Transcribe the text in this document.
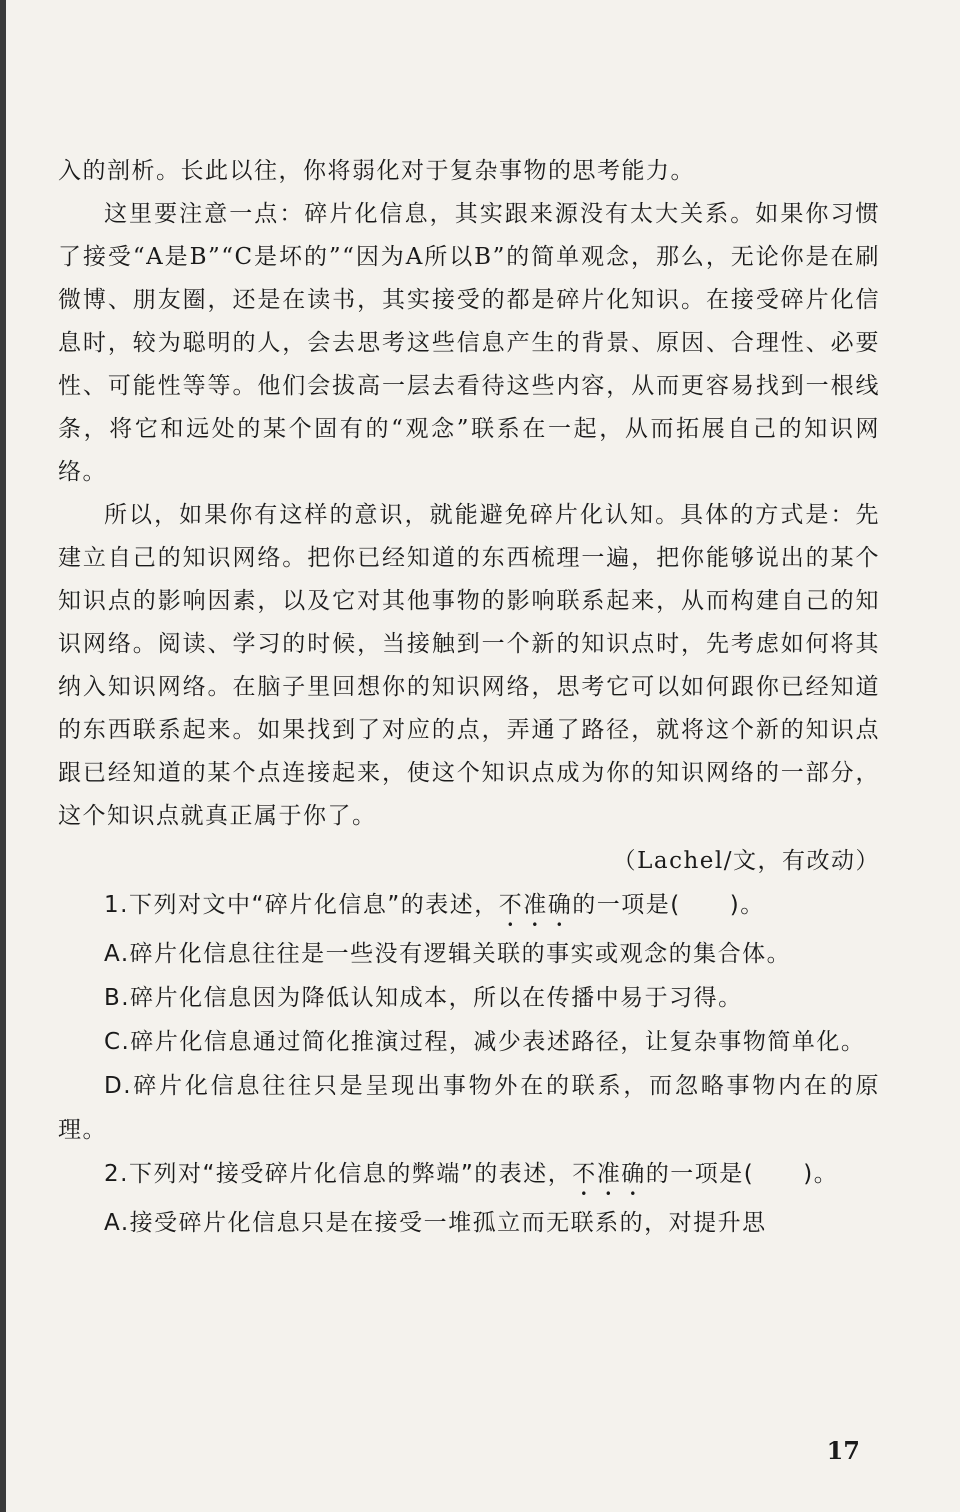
入的剖析。长此以往，你将弱化对于复杂事物的思考能力。

这里要注意一点：碎片化信息，其实跟来源没有太大关系。如果你习惯了接受“A是B”“C是坏的”“因为A所以B”的简单观念，那么，无论你是在刷微博、朋友圈，还是在读书，其实接受的都是碎片化知识。在接受碎片化信息时，较为聪明的人，会去思考这些信息产生的背景、原因、合理性、必要性、可能性等等。他们会拔高一层去看待这些内容，从而更容易找到一根线条，将它和远处的某个固有的“观念”联系在一起，从而拓展自己的知识网络。

所以，如果你有这样的意识，就能避免碎片化认知。具体的方式是：先建立自己的知识网络。把你已经知道的东西梳理一遍，把你能够说出的某个知识点的影响因素，以及它对其他事物的影响联系起来，从而构建自己的知识网络。阅读、学习的时候，当接触到一个新的知识点时，先考虑如何将其纳入知识网络。在脑子里回想你的知识网络，思考它可以如何跟你已经知道的东西联系起来。如果找到了对应的点，弄通了路径，就将这个新的知识点跟已经知道的某个点连接起来，使这个知识点成为你的知识网络的一部分，这个知识点就真正属于你了。

（Lachel/文，有改动）

1.下列对文中“碎片化信息”的表述，不准确的一项是(　　)。

A.碎片化信息往往是一些没有逻辑关联的事实或观念的集合体。

B.碎片化信息因为降低认知成本，所以在传播中易于习得。

C.碎片化信息通过简化推演过程，减少表述路径，让复杂事物简单化。

D.碎片化信息往往只是呈现出事物外在的联系，而忽略事物内在的原理。

2.下列对“接受碎片化信息的弊端”的表述，不准确的一项是(　　)。

A.接受碎片化信息只是在接受一堆孤立而无联系的，对提升思

17
